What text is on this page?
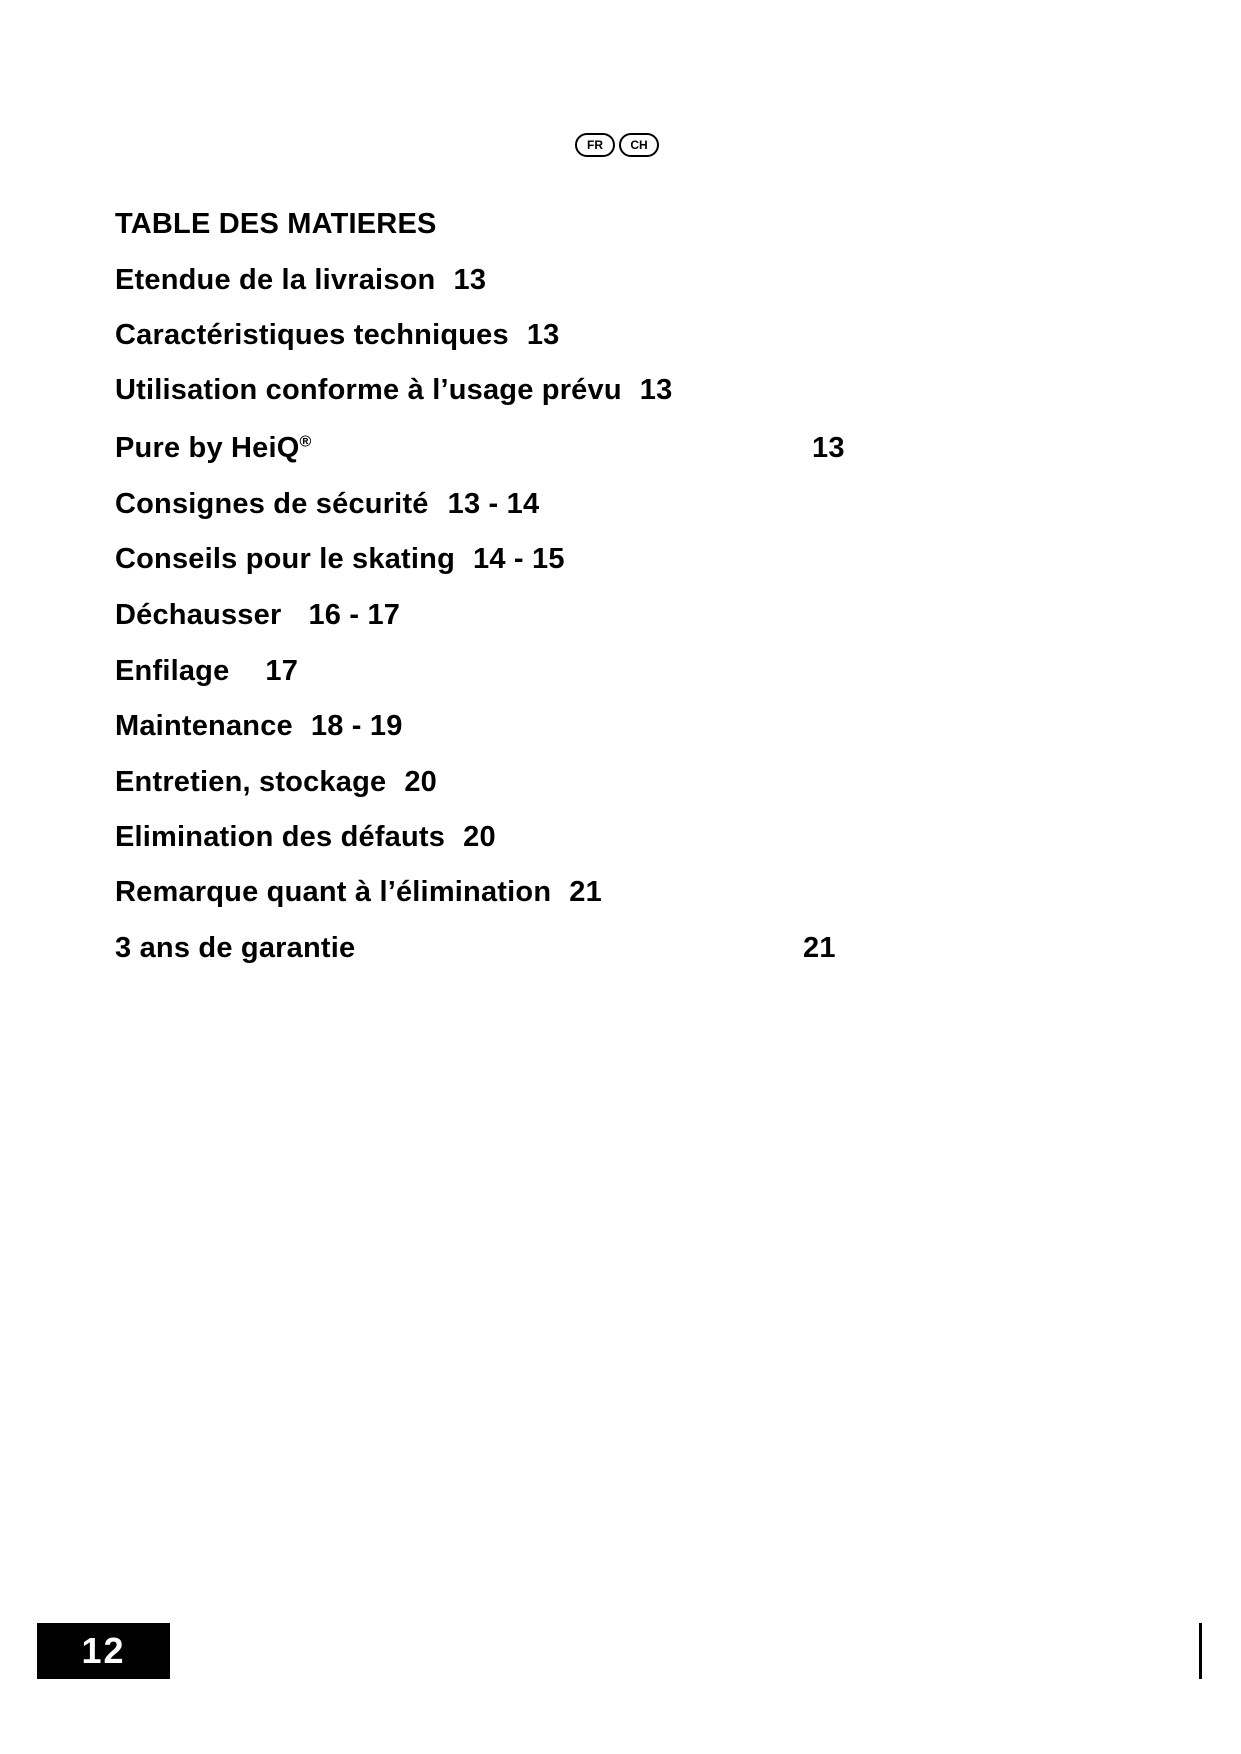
FR	CH
TABLE DES MATIERES
Etendue de la livraison 13
Caractéristiques techniques 13
Utilisation conforme à l’usage prévu 13
Pure by HeiQ®	13
Consignes de sécurité 13 - 14
Conseils pour le skating 14 - 15
Déchausser 16 - 17
Enfilage 17
Maintenance 18 - 19
Entretien, stockage 20
Elimination des défauts 20
Remarque quant à l’élimination 21
3 ans de garantie	21
12
